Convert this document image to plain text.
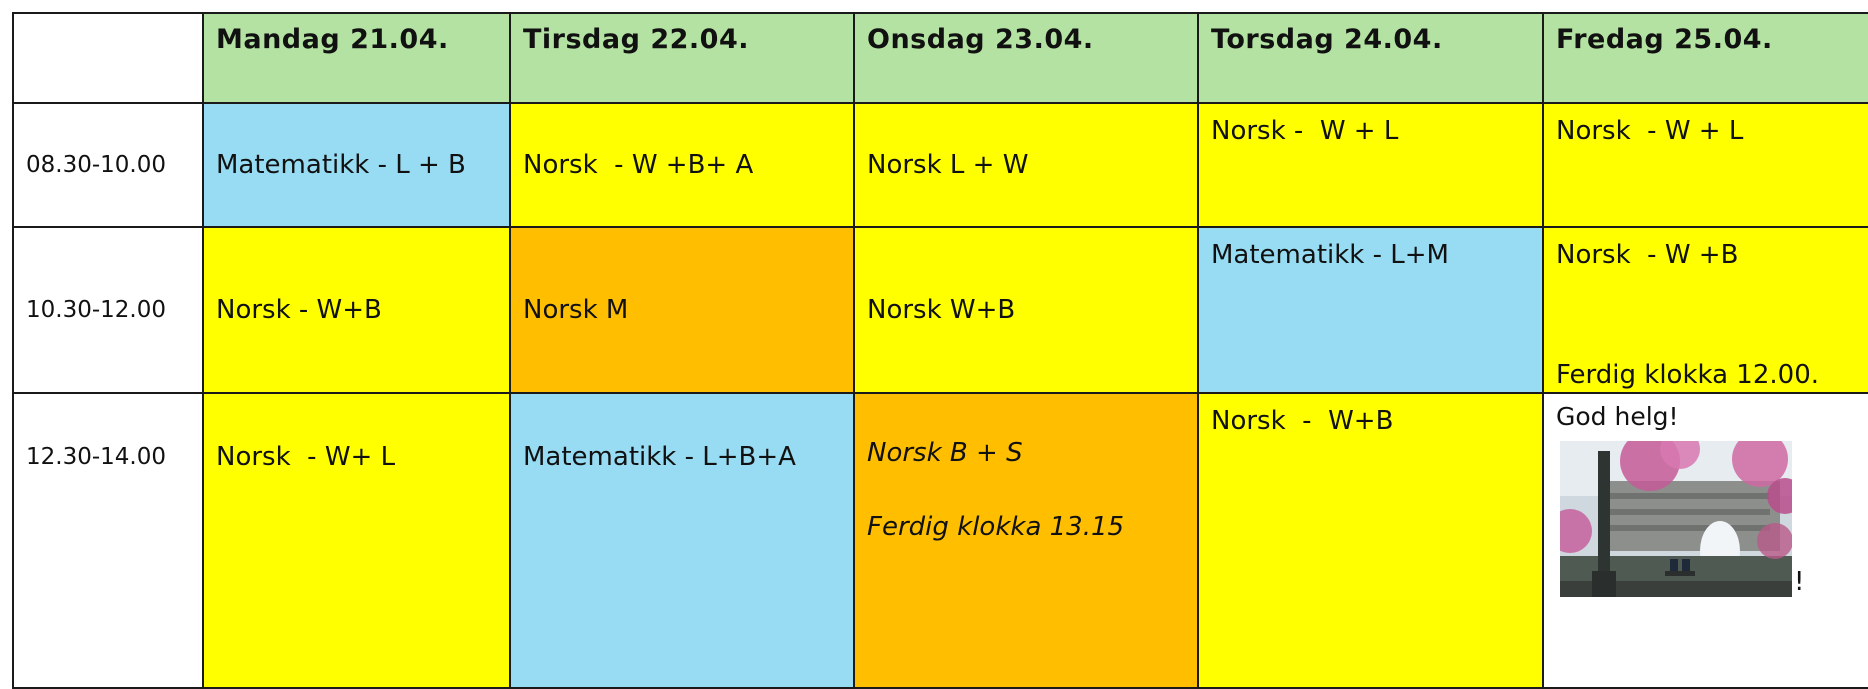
	Mandag 21.04.	Tirsdag 22.04.	Onsdag 23.04.	Torsdag 24.04.	Fredag 25.04.
08.30-10.00	Matematikk - L + B	Norsk  - W +B+ A	Norsk L + W	Norsk -  W + L	Norsk  - W + L

10.30-12.00	Norsk - W+B	Norsk M	Norsk W+B	Matematikk - L+M	Norsk  - W +B
Ferdig klokka 12.00.

12.30-14.00	Norsk  - W+ L	Matematikk - L+B+A	Norsk B + S
Ferdig klokka 13.15	Norsk  -  W+B	God helg!
!
